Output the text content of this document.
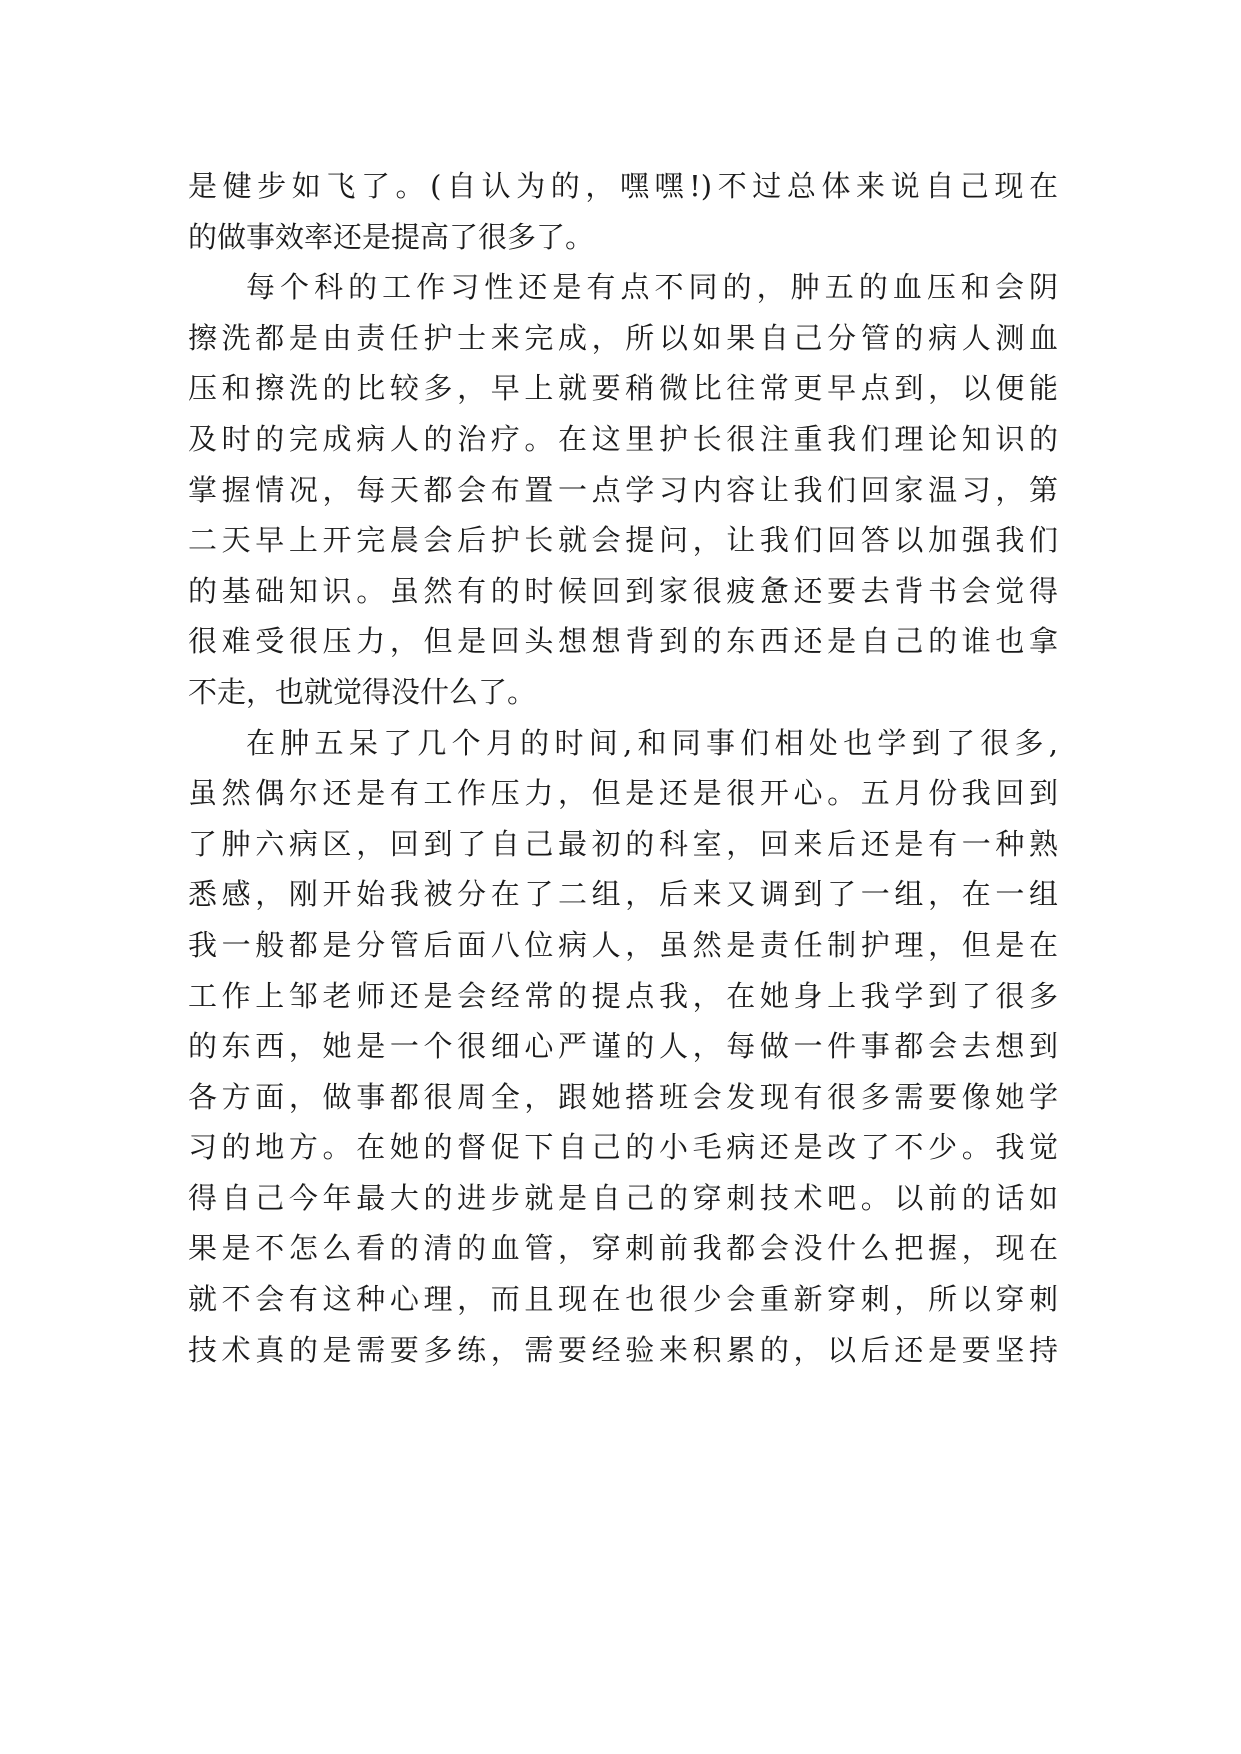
是健步如飞了。(自认为的，嘿嘿!)不过总体来说自己现在
的做事效率还是提高了很多了。
每个科的工作习性还是有点不同的，肿五的血压和会阴
擦洗都是由责任护士来完成，所以如果自己分管的病人测血
压和擦洗的比较多，早上就要稍微比往常更早点到，以便能
及时的完成病人的治疗。在这里护长很注重我们理论知识的
掌握情况，每天都会布置一点学习内容让我们回家温习，第
二天早上开完晨会后护长就会提问，让我们回答以加强我们
的基础知识。虽然有的时候回到家很疲惫还要去背书会觉得
很难受很压力，但是回头想想背到的东西还是自己的谁也拿
不走，也就觉得没什么了。
在肿五呆了几个月的时间,和同事们相处也学到了很多,
虽然偶尔还是有工作压力，但是还是很开心。五月份我回到
了肿六病区，回到了自己最初的科室，回来后还是有一种熟
悉感，刚开始我被分在了二组，后来又调到了一组，在一组
我一般都是分管后面八位病人，虽然是责任制护理，但是在
工作上邹老师还是会经常的提点我，在她身上我学到了很多
的东西，她是一个很细心严谨的人，每做一件事都会去想到
各方面，做事都很周全，跟她搭班会发现有很多需要像她学
习的地方。在她的督促下自己的小毛病还是改了不少。我觉
得自己今年最大的进步就是自己的穿刺技术吧。以前的话如
果是不怎么看的清的血管，穿刺前我都会没什么把握，现在
就不会有这种心理，而且现在也很少会重新穿刺，所以穿刺
技术真的是需要多练，需要经验来积累的，以后还是要坚持
